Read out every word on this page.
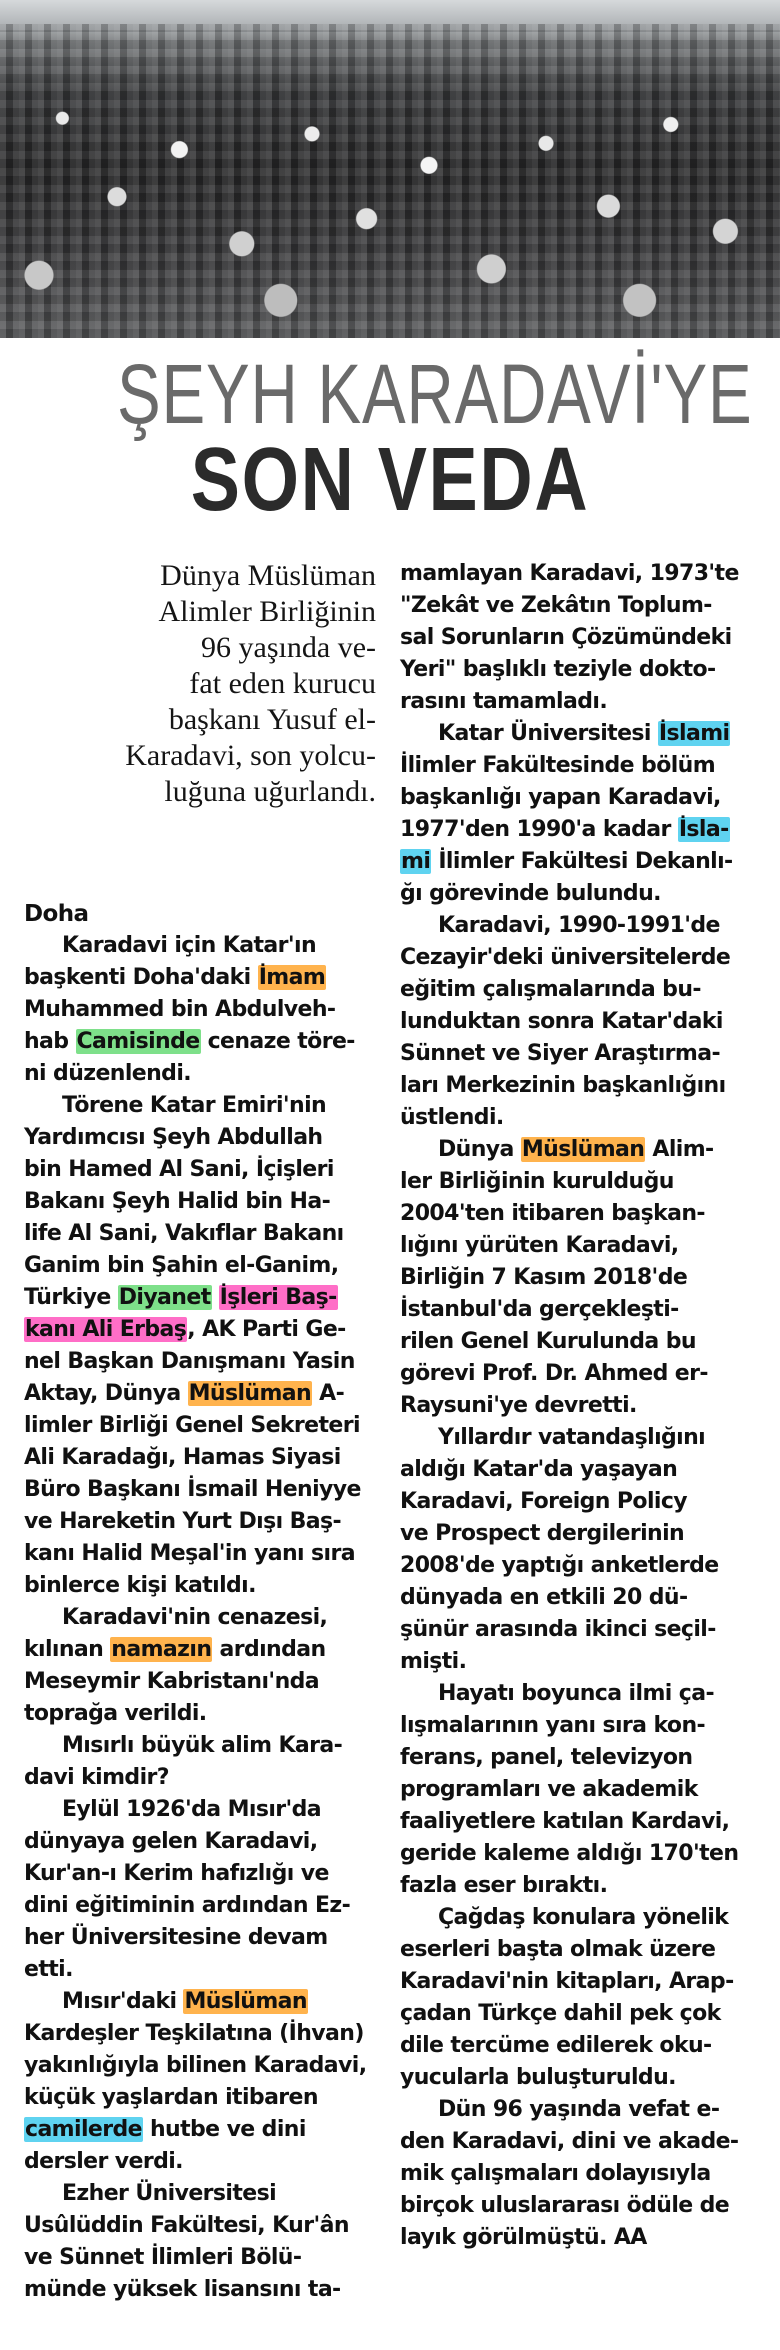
ŞEYH KARADAVİ'YE
SON VEDA
Dünya Müslüman
Alimler Birliğinin
96 yaşında ve-
fat eden kurucu
başkanı Yusuf el-
Karadavi, son yolcu-
luğuna uğurlandı.
Doha
Karadavi için Katar'ın
başkenti Doha'daki İmam
Muhammed bin Abdulveh-
hab Camisinde cenaze töre-
ni düzenlendi.
Törene Katar Emiri'nin
Yardımcısı Şeyh Abdullah
bin Hamed Al Sani, İçişleri
Bakanı Şeyh Halid bin Ha-
life Al Sani, Vakıflar Bakanı
Ganim bin Şahin el-Ganim,
Türkiye Diyanet İşleri Baş-
kanı Ali Erbaş, AK Parti Ge-
nel Başkan Danışmanı Yasin
Aktay, Dünya Müslüman A-
limler Birliği Genel Sekreteri
Ali Karadağı, Hamas Siyasi
Büro Başkanı İsmail Heniyye
ve Hareketin Yurt Dışı Baş-
kanı Halid Meşal'in yanı sıra
binlerce kişi katıldı.
Karadavi'nin cenazesi,
kılınan namazın ardından
Meseymir Kabristanı'nda
toprağa verildi.
Mısırlı büyük alim Kara-
davi kimdir?
Eylül 1926'da Mısır'da
dünyaya gelen Karadavi,
Kur'an-ı Kerim hafızlığı ve
dini eğitiminin ardından Ez-
her Üniversitesine devam
etti.
Mısır'daki Müslüman
Kardeşler Teşkilatına (İhvan)
yakınlığıyla bilinen Karadavi,
küçük yaşlardan itibaren
camilerde hutbe ve dini
dersler verdi.
Ezher Üniversitesi
Usûlüddin Fakültesi, Kur'ân
ve Sünnet İlimleri Bölü-
münde yüksek lisansını ta-
mamlayan Karadavi, 1973'te
"Zekât ve Zekâtın Toplum-
sal Sorunların Çözümündeki
Yeri" başlıklı teziyle dokto-
rasını tamamladı.
Katar Üniversitesi İslami
İlimler Fakültesinde bölüm
başkanlığı yapan Karadavi,
1977'den 1990'a kadar İsla-
mi İlimler Fakültesi Dekanlı-
ğı görevinde bulundu.
Karadavi, 1990-1991'de
Cezayir'deki üniversitelerde
eğitim çalışmalarında bu-
lunduktan sonra Katar'daki
Sünnet ve Siyer Araştırma-
ları Merkezinin başkanlığını
üstlendi.
Dünya Müslüman Alim-
ler Birliğinin kurulduğu
2004'ten itibaren başkan-
lığını yürüten Karadavi,
Birliğin 7 Kasım 2018'de
İstanbul'da gerçekleşti-
rilen Genel Kurulunda bu
görevi Prof. Dr. Ahmed er-
Raysuni'ye devretti.
Yıllardır vatandaşlığını
aldığı Katar'da yaşayan
Karadavi, Foreign Policy
ve Prospect dergilerinin
2008'de yaptığı anketlerde
dünyada en etkili 20 dü-
şünür arasında ikinci seçil-
mişti.
Hayatı boyunca ilmi ça-
lışmalarının yanı sıra kon-
ferans, panel, televizyon
programları ve akademik
faaliyetlere katılan Kardavi,
geride kaleme aldığı 170'ten
fazla eser bıraktı.
Çağdaş konulara yönelik
eserleri başta olmak üzere
Karadavi'nin kitapları, Arap-
çadan Türkçe dahil pek çok
dile tercüme edilerek oku-
yucularla buluşturuldu.
Dün 96 yaşında vefat e-
den Karadavi, dini ve akade-
mik çalışmaları dolayısıyla
birçok uluslararası ödüle de
layık görülmüştü. AA
